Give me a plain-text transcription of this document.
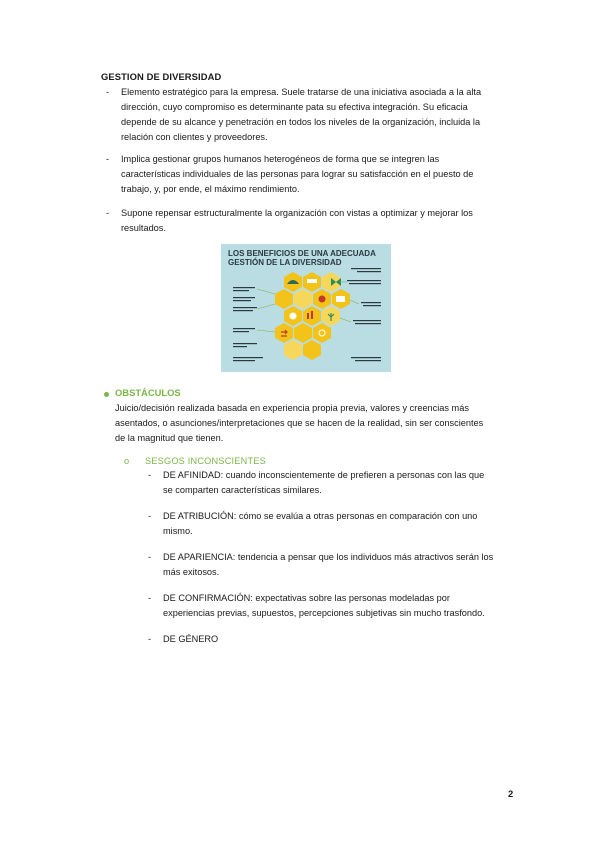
GESTION DE DIVERSIDAD
- Elemento estratégico para la empresa. Suele tratarse de una iniciativa asociada a la alta
dirección, cuyo compromiso es determinante pata su efectiva integración. Su eficacia
depende de su alcance y penetración en todos los niveles de la organización, incluida la
relación con clientes y proveedores.
- Implica gestionar grupos humanos heterogéneos de forma que se integren las
características individuales de las personas para lograr su satisfacción en el puesto de
trabajo, y, por ende, el máximo rendimiento.
- Supone repensar estructuralmente la organización con vistas a optimizar y mejorar los
resultados.
LOS BENEFICIOS DE UNA ADECUADA
GESTIÓN DE LA DIVERSIDAD
OBSTÁCULOS
Juicio/decisión realizada basada en experiencia propia previa, valores y creencias más
asentados, o asunciones/interpretaciones que se hacen de la realidad, sin ser conscientes
de la magnitud que tienen.
o SESGOS INCONSCIENTES
- DE AFINIDAD: cuando inconscientemente de prefieren a personas con las que
se comparten características similares.
- DE ATRIBUCIÓN: cómo se evalúa a otras personas en comparación con uno
mismo.
- DE APARIENCIA: tendencia a pensar que los individuos más atractivos serán los
más exitosos.
- DE CONFIRMACIÓN: expectativas sobre las personas modeladas por
experiencias previas, supuestos, percepciones subjetivas sin mucho trasfondo.
- DE GÉNERO
2
